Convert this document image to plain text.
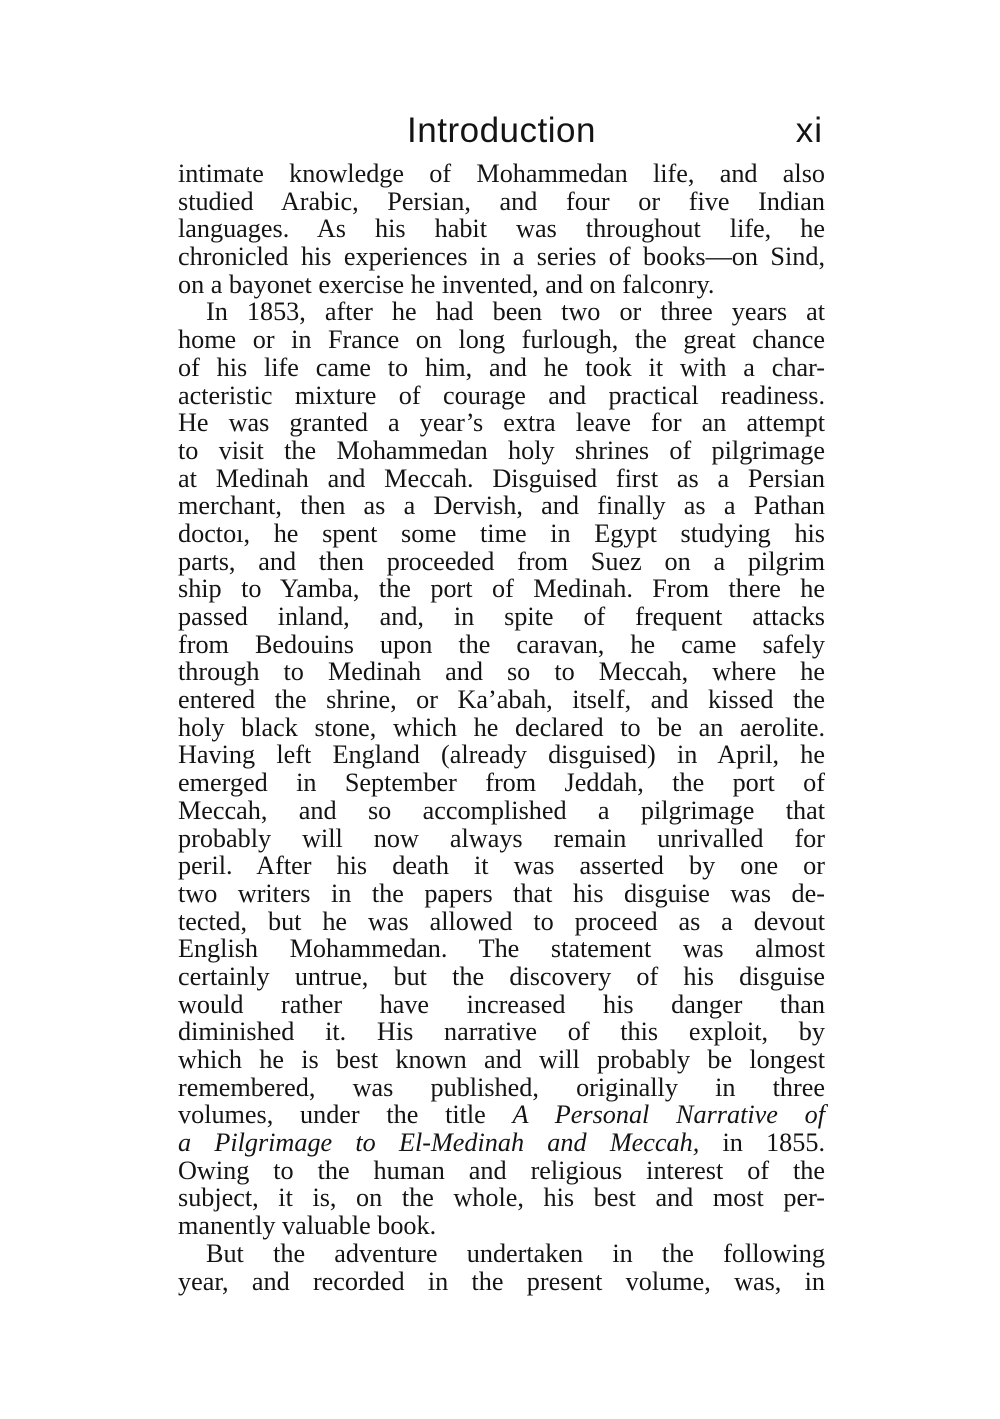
Introduction	xi
intimate knowledge of Mohammedan life, and also
studied Arabic, Persian, and four or five Indian
languages. As his habit was throughout life, he
chronicled his experiences in a series of books—on Sind,
on a bayonet exercise he invented, and on falconry.
In 1853, after he had been two or three years at
home or in France on long furlough, the great chance
of his life came to him, and he took it with a char-
acteristic mixture of courage and practical readiness.
He was granted a year’s extra leave for an attempt
to visit the Mohammedan holy shrines of pilgrimage
at Medinah and Meccah. Disguised first as a Persian
merchant, then as a Dervish, and finally as a Pathan
doctoı, he spent some time in Egypt studying his
parts, and then proceeded from Suez on a pilgrim
ship to Yamba, the port of Medinah. From there he
passed inland, and, in spite of frequent attacks
from Bedouins upon the caravan, he came safely
through to Medinah and so to Meccah, where he
entered the shrine, or Ka’abah, itself, and kissed the
holy black stone, which he declared to be an aerolite.
Having left England (already disguised) in April, he
emerged in September from Jeddah, the port of
Meccah, and so accomplished a pilgrimage that
probably will now always remain unrivalled for
peril. After his death it was asserted by one or
two writers in the papers that his disguise was de-
tected, but he was allowed to proceed as a devout
English Mohammedan. The statement was almost
certainly untrue, but the discovery of his disguise
would rather have increased his danger than
diminished it. His narrative of this exploit, by
which he is best known and will probably be longest
remembered, was published, originally in three
volumes, under the title A Personal Narrative of
a Pilgrimage to El-Medinah and Meccah, in 1855.
Owing to the human and religious interest of the
subject, it is, on the whole, his best and most per-
manently valuable book.
But the adventure undertaken in the following
year, and recorded in the present volume, was, in
